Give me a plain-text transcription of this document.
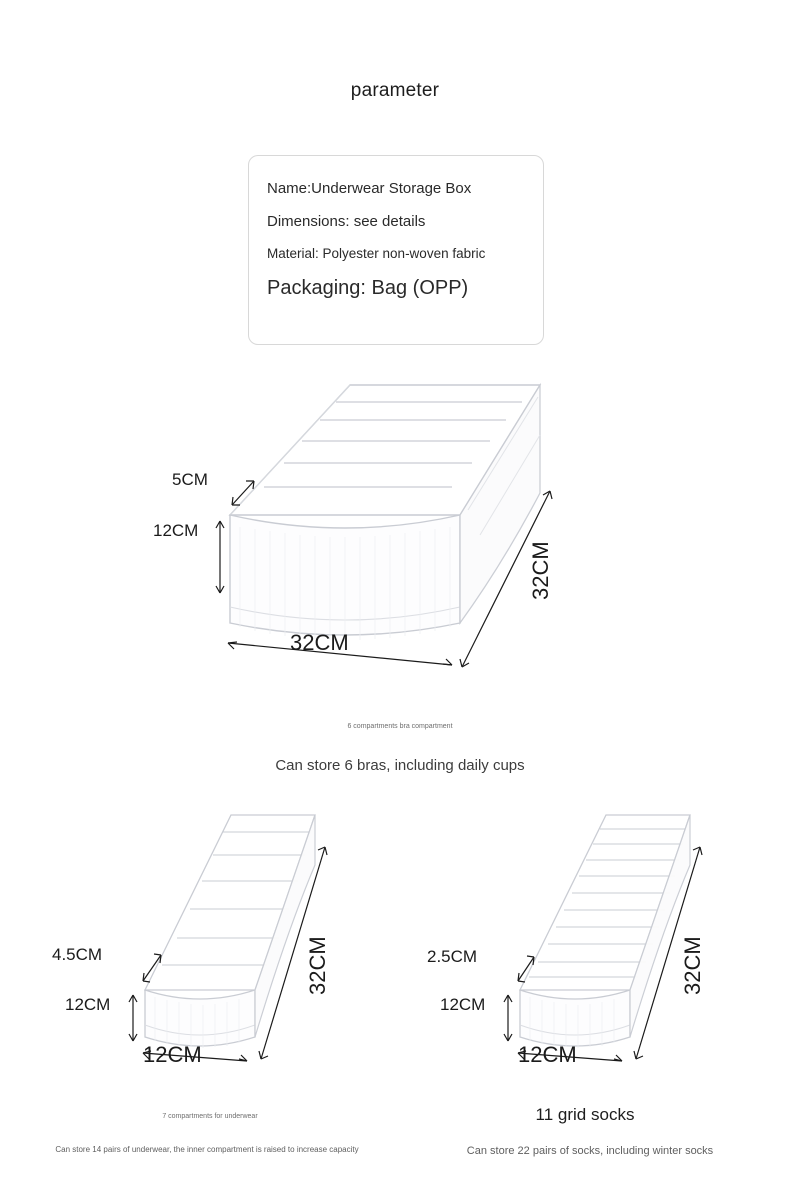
parameter
Name:Underwear Storage Box
Dimensions: see details
Material: Polyester non-woven fabric
Packaging: Bag (OPP)
5CM
12CM
32CM
32CM
6 compartments bra compartment
Can store 6 bras, including daily cups
4.5CM
12CM
12CM
32CM
7 compartments for underwear
Can store 14 pairs of underwear, the inner compartment is raised to increase capacity
2.5CM
12CM
12CM
32CM
11 grid socks
Can store 22 pairs of socks, including winter socks
